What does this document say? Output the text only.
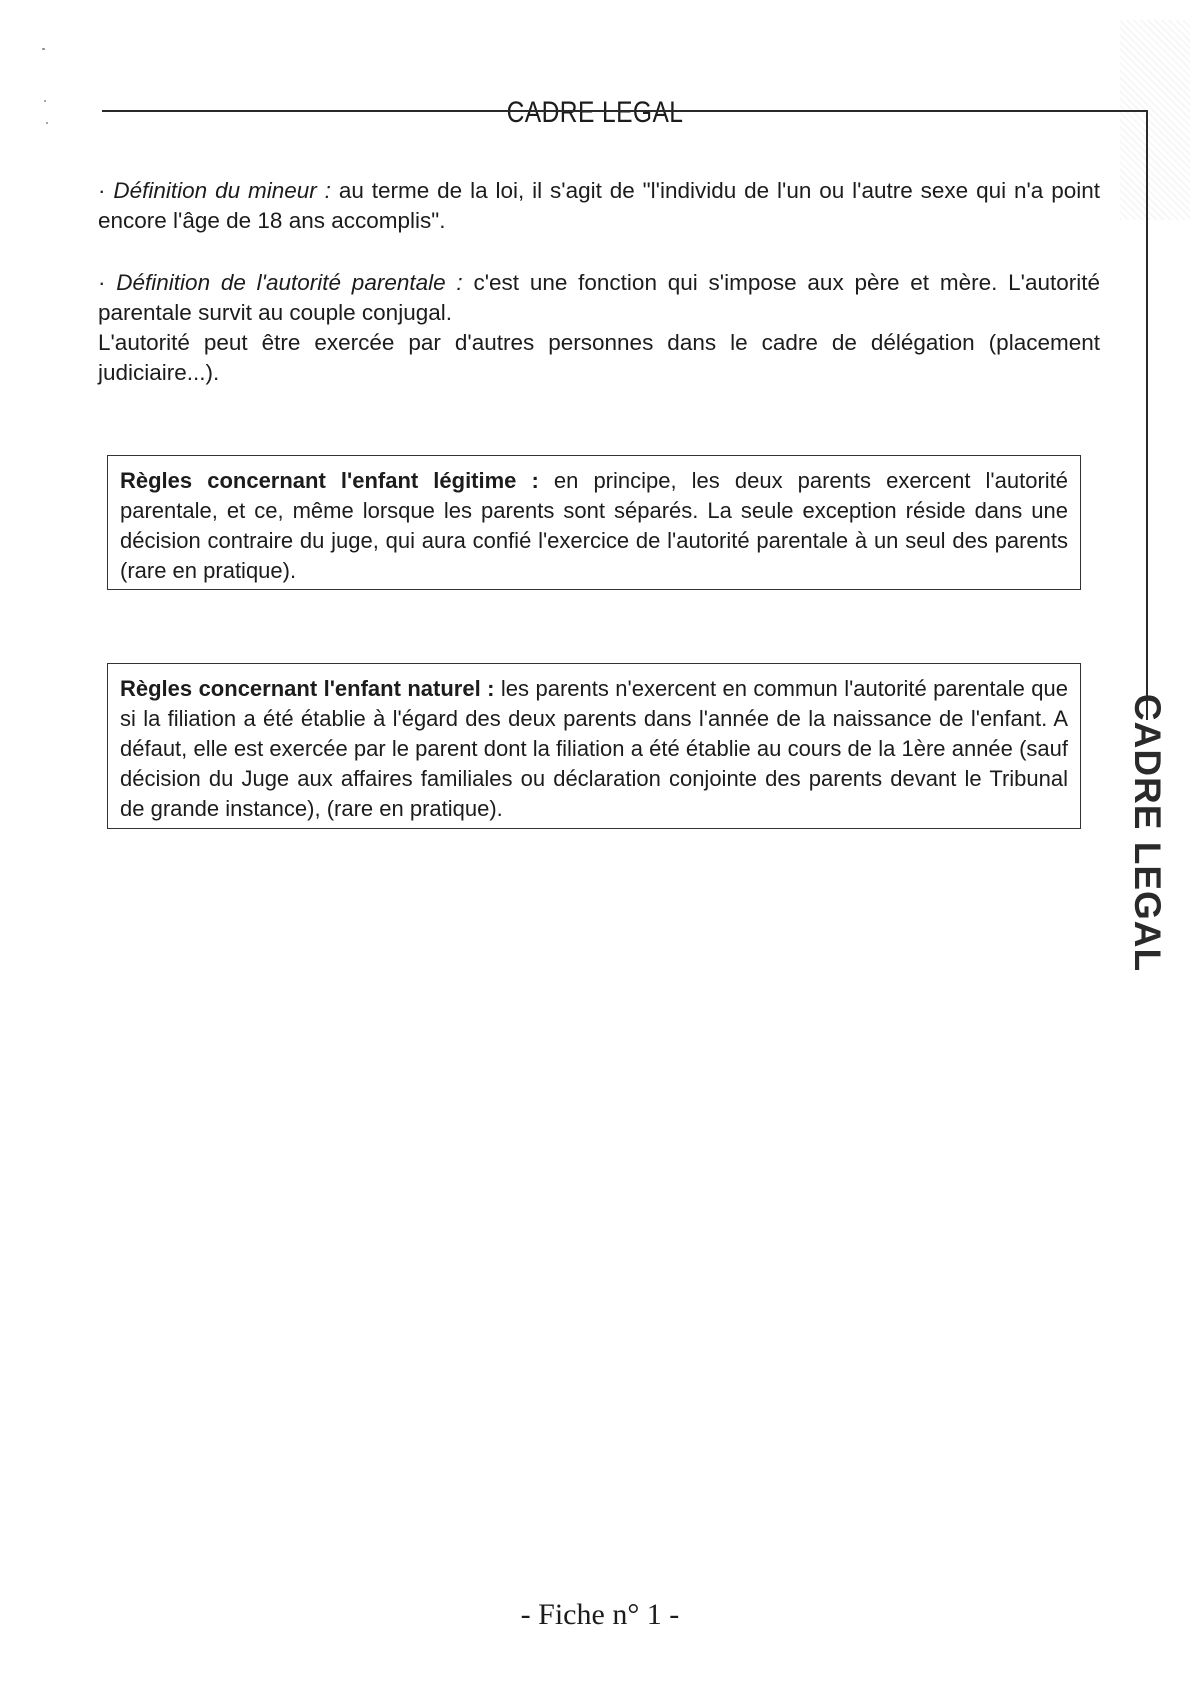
CADRE LEGAL
CADRE LEGAL

· Définition du mineur : au terme de la loi, il s'agit de "l'individu de l'un ou l'autre sexe qui n'a point encore l'âge de 18 ans accomplis".

· Définition de l'autorité parentale : c'est une fonction qui s'impose aux père et mère. L'autorité parentale survit au couple conjugal.
L'autorité peut être exercée par d'autres personnes dans le cadre de délégation (placement judiciaire...).

Règles concernant l'enfant légitime : en principe, les deux parents exercent l'autorité parentale, et ce, même lorsque les parents sont séparés. La seule exception réside dans une décision contraire du juge, qui aura confié l'exercice de l'autorité parentale à un seul des parents (rare en pratique).
Règles concernant l'enfant naturel : les parents n'exercent en commun l'autorité parentale que si la filiation a été établie à l'égard des deux parents dans l'année de la naissance de l'enfant. A défaut, elle est exercée par le parent dont la filiation a été établie au cours de la 1ère année (sauf décision du Juge aux affaires familiales ou déclaration conjointe des parents devant le Tribunal de grande instance), (rare en pratique).
- Fiche n° 1 -
